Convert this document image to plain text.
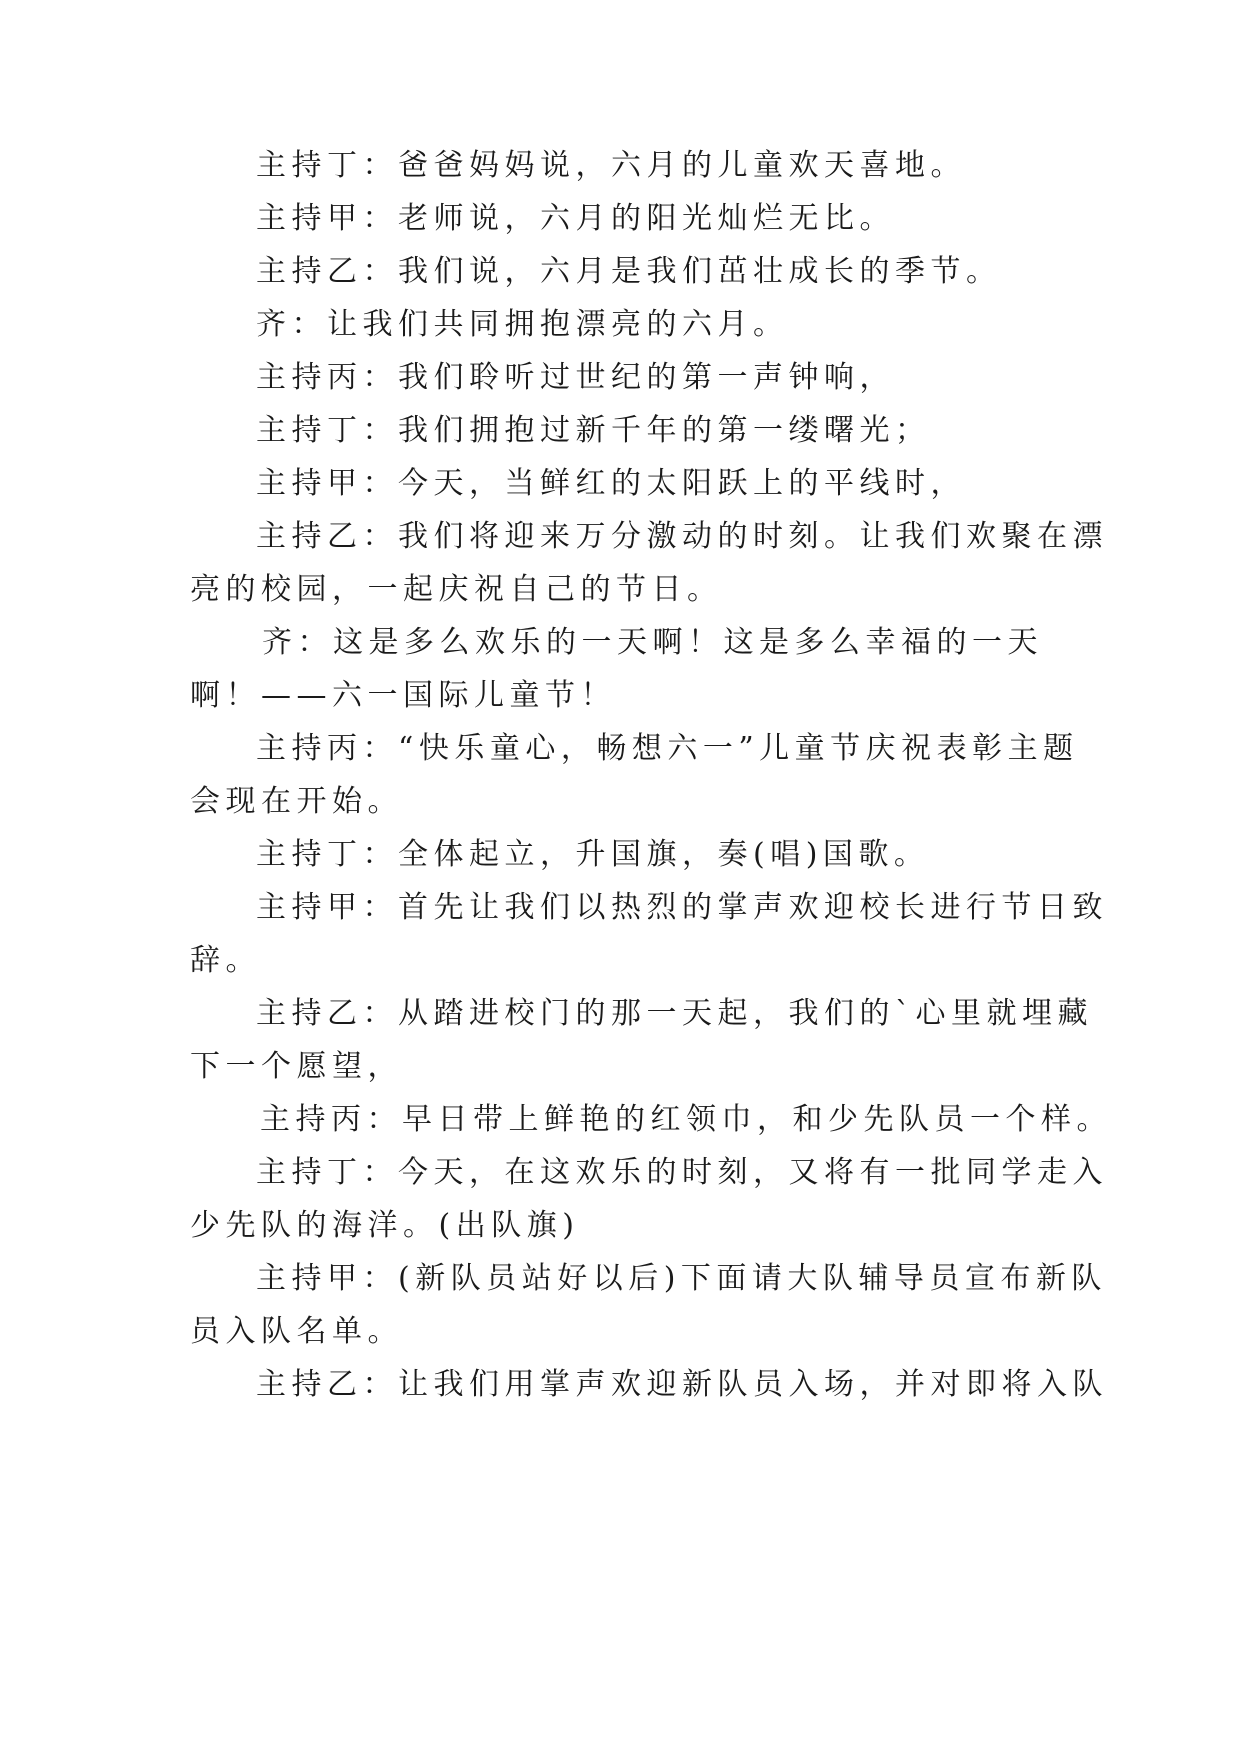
主持丁：爸爸妈妈说，六月的儿童欢天喜地。

主持甲：老师说，六月的阳光灿烂无比。

主持乙：我们说，六月是我们茁壮成长的季节。

齐：让我们共同拥抱漂亮的六月。

主持丙：我们聆听过世纪的第一声钟响，

主持丁：我们拥抱过新千年的第一缕曙光；

主持甲：今天，当鲜红的太阳跃上的平线时，

主持乙：我们将迎来万分激动的时刻。让我们欢聚在漂

亮的校园，一起庆祝自己的节日。

齐：这是多么欢乐的一天啊！这是多么幸福的一天

啊！——六一国际儿童节！

主持丙：“快乐童心，畅想六一”儿童节庆祝表彰主题

会现在开始。

主持丁：全体起立，升国旗，奏(唱)国歌。

主持甲：首先让我们以热烈的掌声欢迎校长进行节日致

辞。

主持乙：从踏进校门的那一天起，我们的`心里就埋藏

下一个愿望，

主持丙：早日带上鲜艳的红领巾，和少先队员一个样。

主持丁：今天，在这欢乐的时刻，又将有一批同学走入

少先队的海洋。(出队旗)

主持甲：(新队员站好以后)下面请大队辅导员宣布新队

员入队名单。

主持乙：让我们用掌声欢迎新队员入场，并对即将入队
